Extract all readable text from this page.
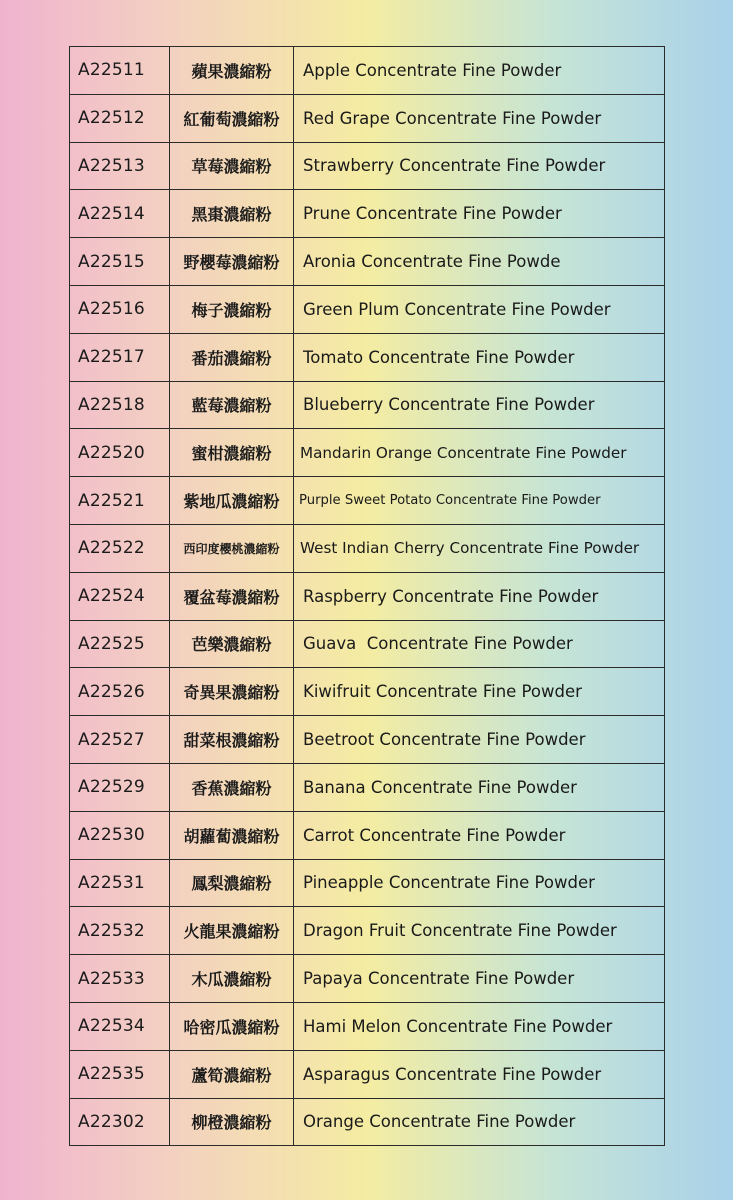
A22511	蘋果濃縮粉	Apple Concentrate Fine Powder
A22512	紅葡萄濃縮粉	Red Grape Concentrate Fine Powder
A22513	草莓濃縮粉	Strawberry Concentrate Fine Powder
A22514	黑棗濃縮粉	Prune Concentrate Fine Powder
A22515	野櫻莓濃縮粉	Aronia Concentrate Fine Powde
A22516	梅子濃縮粉	Green Plum Concentrate Fine Powder
A22517	番茄濃縮粉	Tomato Concentrate Fine Powder
A22518	藍莓濃縮粉	Blueberry Concentrate Fine Powder
A22520	蜜柑濃縮粉	Mandarin Orange Concentrate Fine Powder
A22521	紫地瓜濃縮粉	Purple Sweet Potato Concentrate Fine Powder
A22522	西印度櫻桃濃縮粉	West Indian Cherry Concentrate Fine Powder
A22524	覆盆莓濃縮粉	Raspberry Concentrate Fine Powder
A22525	芭樂濃縮粉	Guava  Concentrate Fine Powder
A22526	奇異果濃縮粉	Kiwifruit Concentrate Fine Powder
A22527	甜菜根濃縮粉	Beetroot Concentrate Fine Powder
A22529	香蕉濃縮粉	Banana Concentrate Fine Powder
A22530	胡蘿蔔濃縮粉	Carrot Concentrate Fine Powder
A22531	鳳梨濃縮粉	Pineapple Concentrate Fine Powder
A22532	火龍果濃縮粉	Dragon Fruit Concentrate Fine Powder
A22533	木瓜濃縮粉	Papaya Concentrate Fine Powder
A22534	哈密瓜濃縮粉	Hami Melon Concentrate Fine Powder
A22535	蘆筍濃縮粉	Asparagus Concentrate Fine Powder
A22302	柳橙濃縮粉	Orange Concentrate Fine Powder
